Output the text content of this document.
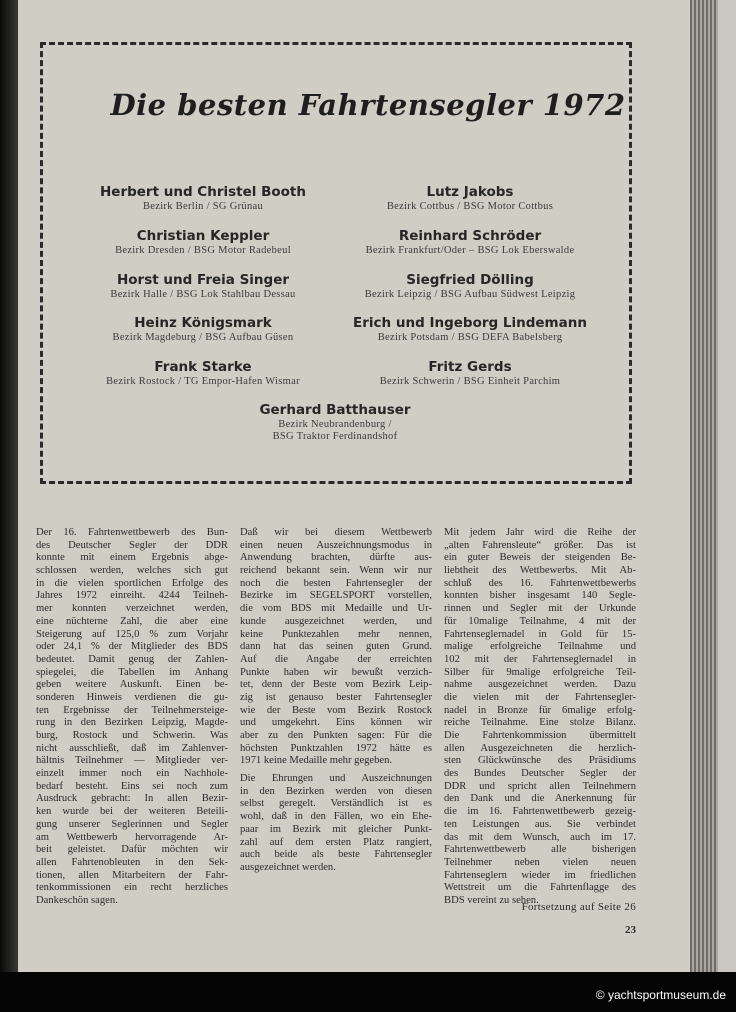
© yachtsportmuseum.de
Die besten Fahrtensegler 1972
Herbert und Christel Booth
Bezirk Berlin / SG Grünau
Christian Keppler
Bezirk Dresden / BSG Motor Radebeul
Horst und Freia Singer
Bezirk Halle / BSG Lok Stahlbau Dessau
Heinz Königsmark
Bezirk Magdeburg / BSG Aufbau Güsen
Frank Starke
Bezirk Rostock / TG Empor-Hafen Wismar
Lutz Jakobs
Bezirk Cottbus / BSG Motor Cottbus
Reinhard Schröder
Bezirk Frankfurt/Oder – BSG Lok Eberswalde
Siegfried Dölling
Bezirk Leipzig / BSG Aufbau Südwest Leipzig
Erich und Ingeborg Lindemann
Bezirk Potsdam / BSG DEFA Babelsberg
Fritz Gerds
Bezirk Schwerin / BSG Einheit Parchim
Gerhard Batthauser
Bezirk Neubrandenburg /
BSG Traktor Ferdinandshof
Der 16. Fahrtenwettbewerb des Bun-
des Deutscher Segler der DDR
konnte mit einem Ergebnis abge-
schlossen werden, welches sich gut
in die vielen sportlichen Erfolge des
Jahres 1972 einreiht. 4244 Teilneh-
mer konnten verzeichnet werden,
eine nüchterne Zahl, die aber eine
Steigerung auf 125,0 % zum Vorjahr
oder 24,1 % der Mitglieder des BDS
bedeutet. Damit genug der Zahlen-
spiegelei, die Tabellen im Anhang
geben weitere Auskunft. Einen be-
sonderen Hinweis verdienen die gu-
ten Ergebnisse der Teilnehmersteige-
rung in den Bezirken Leipzig, Magde-
burg, Rostock und Schwerin. Was
nicht ausschließt, daß im Zahlenver-
hältnis Teilnehmer — Mitglieder ver-
einzelt immer noch ein Nachhole-
bedarf besteht. Eins sei noch zum
Ausdruck gebracht: In allen Bezir-
ken wurde bei der weiteren Beteili-
gung unserer Seglerinnen und Segler
am Wettbewerb hervorragende Ar-
beit geleistet. Dafür möchten wir
allen Fahrtenobleuten in den Sek-
tionen, allen Mitarbeitern der Fahr-
tenkommissionen ein recht herzliches
Dankeschön sagen.
Daß wir bei diesem Wettbewerb
einen neuen Auszeichnungsmodus in
Anwendung brachten, dürfte aus-
reichend bekannt sein. Wenn wir nur
noch die besten Fahrtensegler der
Bezirke im SEGELSPORT vorstellen,
die vom BDS mit Medaille und Ur-
kunde ausgezeichnet werden, und
keine Punktezahlen mehr nennen,
dann hat das seinen guten Grund.
Auf die Angabe der erreichten
Punkte haben wir bewußt verzich-
tet, denn der Beste vom Bezirk Leip-
zig ist genauso bester Fahrtensegler
wie der Beste vom Bezirk Rostock
und umgekehrt. Eins können wir
aber zu den Punkten sagen: Für die
höchsten Punktzahlen 1972 hätte es
1971 keine Medaille mehr gegeben.
Die Ehrungen und Auszeichnungen
in den Bezirken werden von diesen
selbst geregelt. Verständlich ist es
wohl, daß in den Fällen, wo ein Ehe-
paar im Bezirk mit gleicher Punkt-
zahl auf dem ersten Platz rangiert,
auch beide als beste Fahrtensegler
ausgezeichnet werden.
Mit jedem Jahr wird die Reihe der
„alten Fahrensleute“ größer. Das ist
ein guter Beweis der steigenden Be-
liebtheit des Wettbewerbs. Mit Ab-
schluß des 16. Fahrtenwettbewerbs
konnten bisher insgesamt 140 Segle-
rinnen und Segler mit der Urkunde
für 10malige Teilnahme, 4 mit der
Fahrtenseglernadel in Gold für 15-
malige erfolgreiche Teilnahme und
102 mit der Fahrtenseglernadel in
Silber für 9malige erfolgreiche Teil-
nahme ausgezeichnet werden. Dazu
die vielen mit der Fahrtensegler-
nadel in Bronze für 6malige erfolg-
reiche Teilnahme. Eine stolze Bilanz.
Die Fahrtenkommission übermittelt
allen Ausgezeichneten die herzlich-
sten Glückwünsche des Präsidiums
des Bundes Deutscher Segler der
DDR und spricht allen Teilnehmern
den Dank und die Anerkennung für
die im 16. Fahrtenwettbewerb gezeig-
ten Leistungen aus. Sie verbindet
das mit dem Wunsch, auch im 17.
Fahrtenwettbewerb alle bisherigen
Teilnehmer neben vielen neuen
Fahrtenseglern wieder im friedlichen
Wettstreit um die Fahrtenflagge des
BDS vereint zu sehen.
Fortsetzung auf Seite 26
23
